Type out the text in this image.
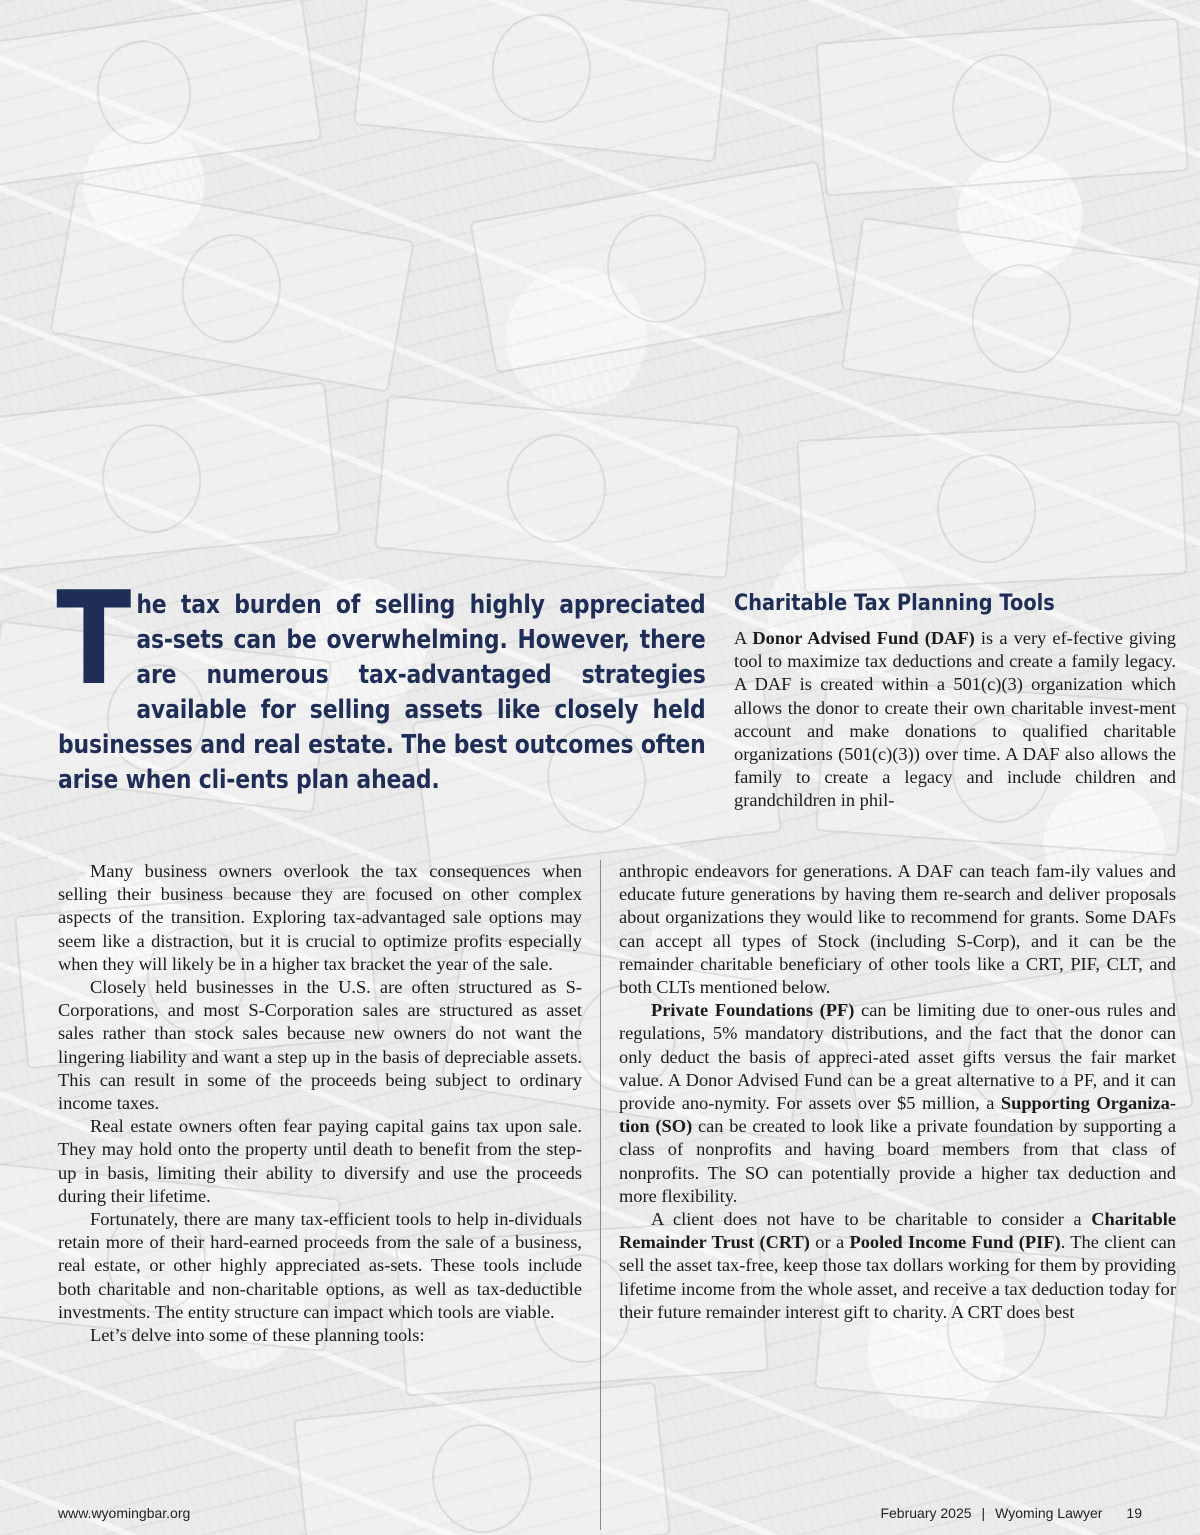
The tax burden of selling highly appreciated as-sets can be overwhelming. However, there are numerous tax-advantaged strategies available for selling assets like closely held businesses and real estate. The best outcomes often arise when cli-ents plan ahead.
Charitable Tax Planning Tools

A Donor Advised Fund (DAF) is a very ef-fective giving tool to maximize tax deductions and create a family legacy. A DAF is created within a 501(c)(3) organization which allows the donor to create their own charitable invest-ment account and make donations to qualified charitable organizations (501(c)(3)) over time. A DAF also allows the family to create a legacy and include children and grandchildren in phil-

Many business owners overlook the tax consequences when selling their business because they are focused on other complex aspects of the transition. Exploring tax-advantaged sale options may seem like a distraction, but it is crucial to optimize profits especially when they will likely be in a higher tax bracket the year of the sale.

Closely held businesses in the U.S. are often structured as S-Corporations, and most S-Corporation sales are structured as asset sales rather than stock sales because new owners do not want the lingering liability and want a step up in the basis of depreciable assets. This can result in some of the proceeds being subject to ordinary income taxes.

Real estate owners often fear paying capital gains tax upon sale. They may hold onto the property until death to benefit from the step-up in basis, limiting their ability to diversify and use the proceeds during their lifetime.

Fortunately, there are many tax-efficient tools to help in-dividuals retain more of their hard-earned proceeds from the sale of a business, real estate, or other highly appreciated as-sets. These tools include both charitable and non-charitable options, as well as tax-deductible investments. The entity structure can impact which tools are viable.

Let’s delve into some of these planning tools:

anthropic endeavors for generations. A DAF can teach fam-ily values and educate future generations by having them re-search and deliver proposals about organizations they would like to recommend for grants. Some DAFs can accept all types of Stock (including S-Corp), and it can be the remainder charitable beneficiary of other tools like a CRT, PIF, CLT, and both CLTs mentioned below.

Private Foundations (PF) can be limiting due to oner-ous rules and regulations, 5% mandatory distributions, and the fact that the donor can only deduct the basis of appreci-ated asset gifts versus the fair market value. A Donor Advised Fund can be a great alternative to a PF, and it can provide ano-nymity. For assets over $5 million, a Supporting Organiza-tion (SO) can be created to look like a private foundation by supporting a class of nonprofits and having board members from that class of nonprofits. The SO can potentially provide a higher tax deduction and more flexibility.

A client does not have to be charitable to consider a Charitable Remainder Trust (CRT) or a Pooled Income Fund (PIF). The client can sell the asset tax-free, keep those tax dollars working for them by providing lifetime income from the whole asset, and receive a tax deduction today for their future remainder interest gift to charity. A CRT does best

www.wyomingbar.org	February 2025 | Wyoming Lawyer 19
